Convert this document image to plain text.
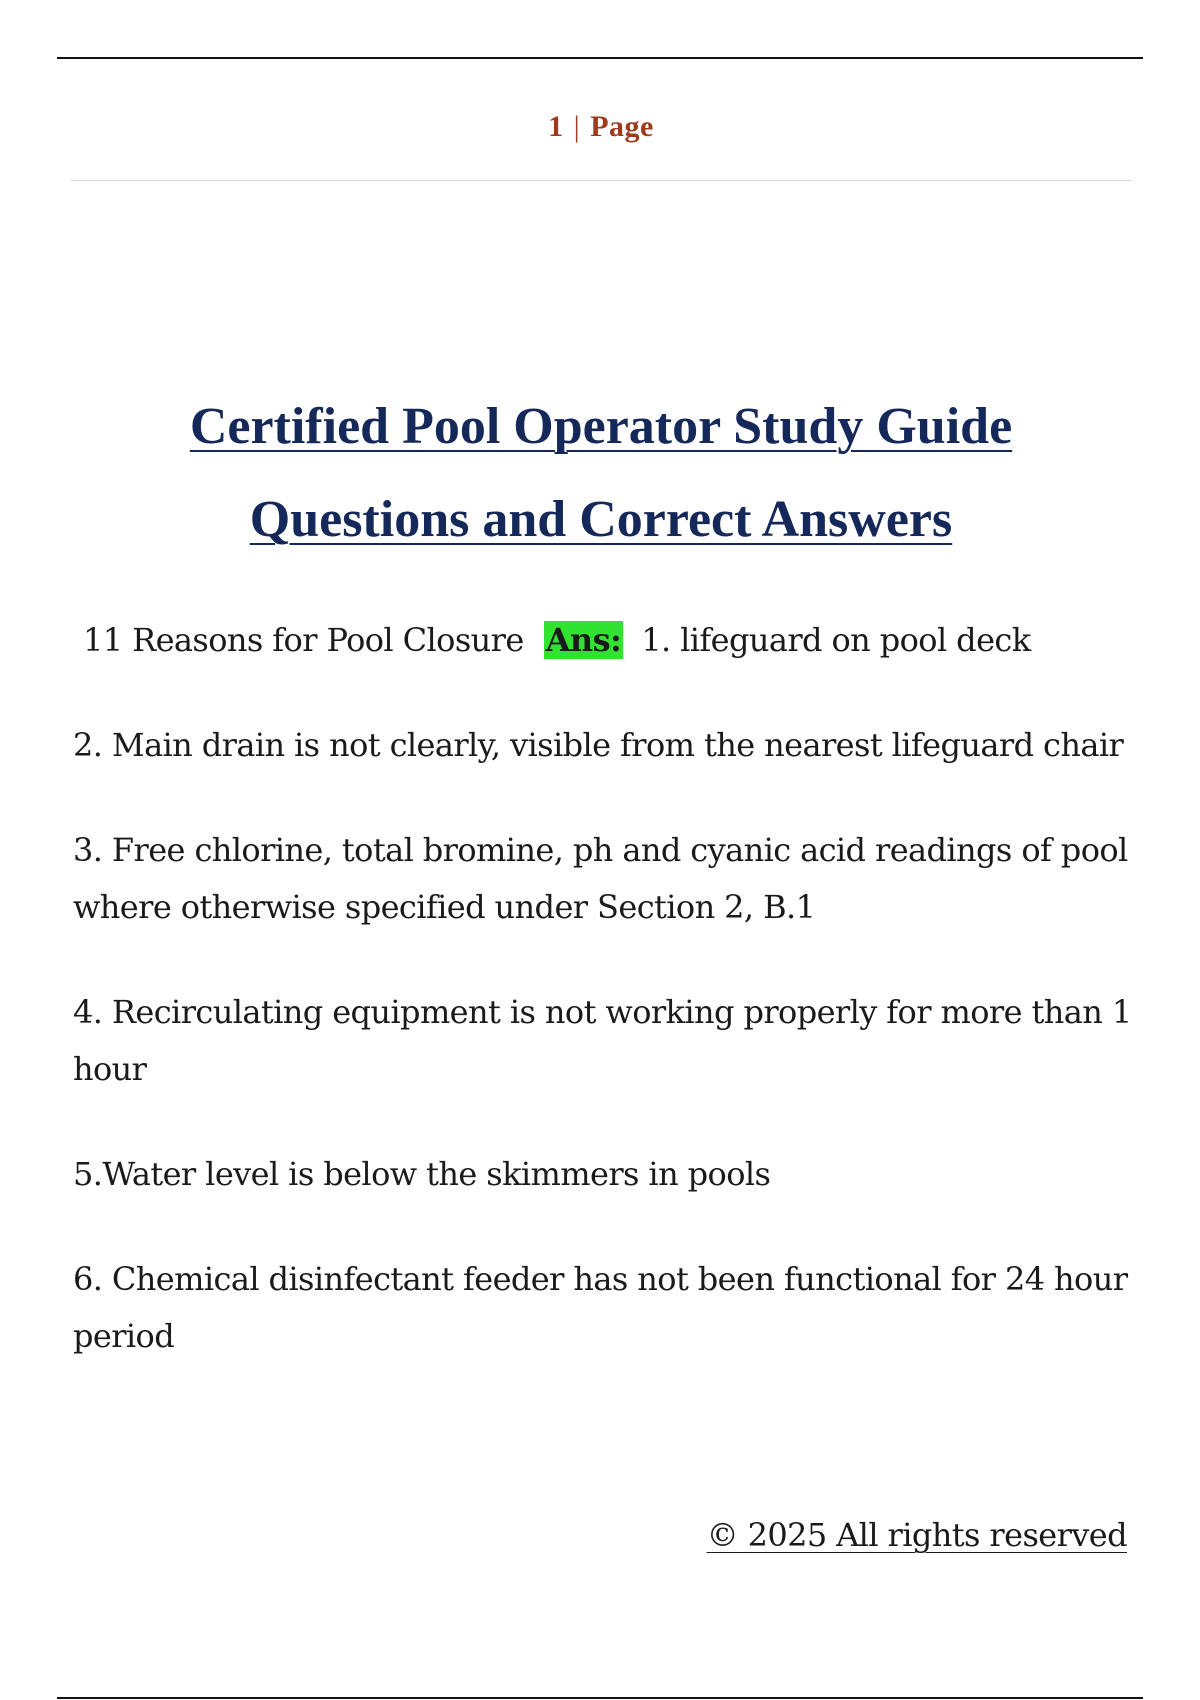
1 | Page
Certified Pool Operator Study Guide
Questions and Correct Answers

11 Reasons for Pool Closure Ans: 1. lifeguard on pool deck

2. Main drain is not clearly, visible from the nearest lifeguard chair

3. Free chlorine, total bromine, ph and cyanic acid readings of pool where otherwise specified under Section 2, B.1

4. Recirculating equipment is not working properly for more than 1 hour

5.Water level is below the skimmers in pools

6. Chemical disinfectant feeder has not been functional for 24 hour period

© 2025 All rights reserved
